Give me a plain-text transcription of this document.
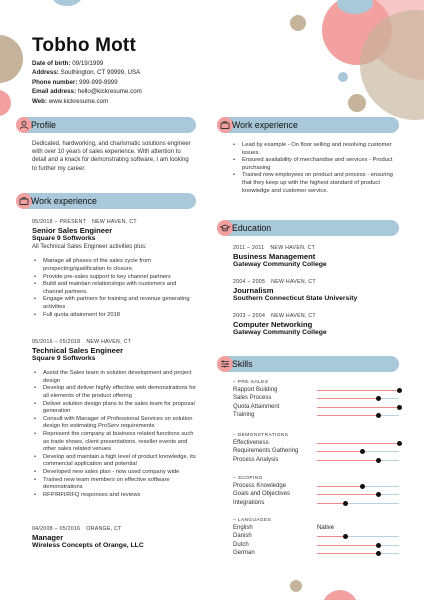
Tobho Mott
Date of birth: 09/19/1999
Address: Southington, CT 99999, USA
Phone number: 999-999-9999
Email address: hello@kickresume.com
Web: www.kickresume.com
Profile
Dedicated, hardworking, and charismatic solutions engineer with over 10 years of sales experience. With attention to detail and a knack for demonstrating software, I am looking to further my career.
Work experience
05/2018 – PRESENT NEW HAVEN, CT
Senior Sales Engineer
Square 9 Softworks
All Technical Sales Engineer activities plus:
• Manage all phases of the sales cycle from prospecting/qualification to closure.
• Provide pre-sales support to key channel partners
• Build and maintain relationships with customers and channel partners.
• Engage with partners for training and revenue generating activities
• Full quota attainment for 2018
05/2016 – 05/2018 NEW HAVEN, CT
Technical Sales Engineer
Square 9 Softworks
• Assist the Sales team in solution development and project design
• Develop and deliver highly effective web demonstrations for all elements of the product offering
• Deliver solution design plans to the sales team for proposal generation
• Consult with Manager of Professional Services on solution design for estimating ProServ requirements
• Represent the company at business related functions such as trade shows, client presentations, reseller events and other sales related venues
• Develop and maintain a high level of product knowledge, its commercial application and potential
• Developed new sales plan - now used company wide
• Trained new team members on effective software demonstrations
• RFP/RFI/RFQ responses and reviews
04/2008 – 05/2016 ORANGE, CT
Manager
Wireless Concepts of Orange, LLC
Work experience
• Lead by example - On floor selling and resolving customer issues.
• Ensured availability of merchandise and services - Product purchasing
• Trained new employees on product and process - ensuring that they keep up with the highest standard of product knowledge and customer service.
Education
2011 – 2011 NEW HAVEN, CT
Business Management
Gateway Community College
2004 – 2005 NEW HAVEN, CT
Journalism
Southern Connecticut State University
2003 – 2004 NEW HAVEN, CT
Computer Networking
Gateway Community College
Skills
– PRE-SALES
Rapport Building
Sales Process
Quota Attainment
Training
– DEMONSTRATIONS
Effectiveness
Requirements Gathering
Process Analysis
– SCOPING
Process Knowledge
Goals and Objectives
Integrations
– LANGUAGES
English	Native
Danish
Dutch
German
